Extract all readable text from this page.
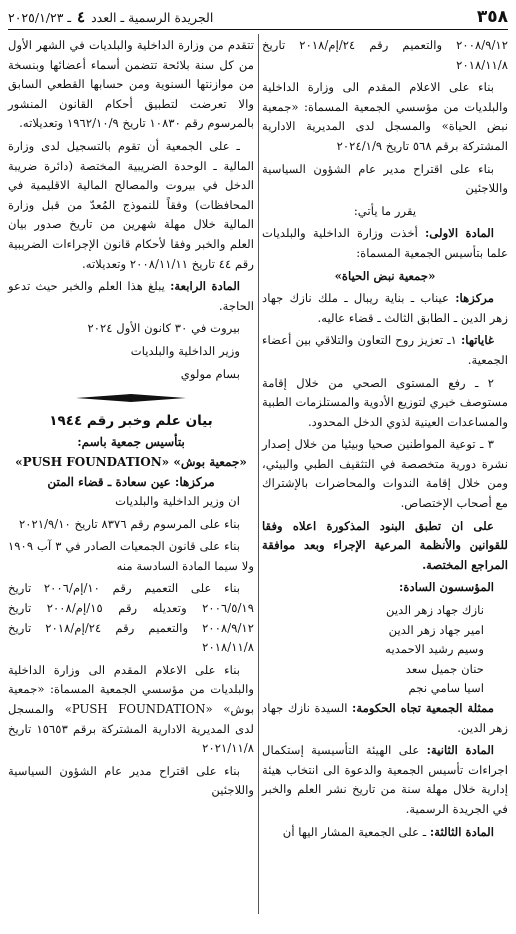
٣٥٨
الجريدة الرسمية ـ العدد ٤ ـ ٢٠٢٥/١/٢٣

٢٠٠٨/٩/١٢ والتعميم رقم ٢٤/إم/٢٠١٨ تاريخ ٢٠١٨/١١/٨

بناء على الاعلام المقدم الى وزارة الداخلية والبلديات من مؤسسي الجمعية المسماة: «جمعية نبض الحياة» والمسجل لدى المديرية الادارية المشتركة برقم ٥٦٨ تاريخ ٢٠٢٤/١/٩

بناء على اقتراح مدير عام الشؤون السياسية واللاجئين

يقرر ما يأتي:

المادة الاولى: أخذت وزارة الداخلية والبلديات علما بتأسيس الجمعية المسماة:

«جمعية نبض الحياة»

مركزها: عيناب ـ بناية ريبال ـ ملك نازك جهاد زهر الدين ـ الطابق الثالث ـ قضاء عاليه.

غاياتها: ١ـ تعزيز روح التعاون والتلاقي بين أعضاء الجمعية.

٢ ـ رفع المستوى الصحي من خلال إقامة مستوصف خيري لتوزيع الأدوية والمستلزمات الطبية والمساعدات العينية لذوي الدخل المحدود.

٣ ـ توعية المواطنين صحيا وبيئيا من خلال إصدار نشرة دورية متخصصة في التثقيف الطبي والبيئي، ومن خلال إقامة الندوات والمحاضرات بالإشتراك مع أصحاب الإختصاص.

على ان تطبق البنود المذكورة اعلاه وفقا للقوانين والأنظمة المرعية الإجراء وبعد موافقة المراجع المختصة.

المؤسسون السادة:

نازك جهاد زهر الدين
امير جهاد زهر الدين
وسيم رشيد الاحمديه
حنان جميل سعد
اسيا سامي نجم

ممثلة الجمعية تجاه الحكومة: السيدة نازك جهاد زهر الدين.

المادة الثانية: على الهيئة التأسيسية إستكمال اجراءات تأسيس الجمعية والدعوة الى انتخاب هيئة إدارية خلال مهلة سنة من تاريخ نشر العلم والخبر في الجريدة الرسمية.

المادة الثالثة: ـ على الجمعية المشار اليها أن

تتقدم من وزارة الداخلية والبلديات في الشهر الأول من كل سنة بلائحة تتضمن أسماء أعضائها وبنسخة من موازنتها السنوية ومن حسابها القطعي السابق والا تعرضت لتطبيق أحكام القانون المنشور بالمرسوم رقم ١٠٨٣٠ تاريخ ١٩٦٢/١٠/٩ وتعديلاته.

ـ على الجمعية أن تقوم بالتسجيل لدى وزارة المالية ـ الوحدة الضريبية المختصة (دائرة ضريبة الدخل في بيروت والمصالح المالية الاقليمية في المحافظات) وفقاً للنموذج المُعدّ من قبل وزارة المالية خلال مهلة شهرين من تاريخ صدور بيان العلم والخبر وفقا لأحكام قانون الإجراءات الضريبية رقم ٤٤ تاريخ ٢٠٠٨/١١/١١ وتعديلاته.

المادة الرابعة: يبلغ هذا العلم والخبر حيث تدعو الحاجة.

بيروت في ٣٠ كانون الأول ٢٠٢٤

وزير الداخلية والبلديات

بسام مولوي

بيان علم وخبر رقم ١٩٤٤
بتأسيس جمعية باسم:
«جمعية بوش» «PUSH FOUNDATION»
مركزها: عين سعادة ـ قضاء المتن

ان وزير الداخلية والبلديات

بناء على المرسوم رقم ٨٣٧٦ تاريخ ٢٠٢١/٩/١٠

بناء على قانون الجمعيات الصادر في ٣ آب ١٩٠٩ ولا سيما المادة السادسة منه

بناء على التعميم رقم ١٠/إم/٢٠٠٦ تاريخ ٢٠٠٦/٥/١٩ وتعديله رقم ١٥/إم/٢٠٠٨ تاريخ ٢٠٠٨/٩/١٢ والتعميم رقم ٢٤/إم/٢٠١٨ تاريخ ٢٠١٨/١١/٨

بناء على الاعلام المقدم الى وزارة الداخلية والبلديات من مؤسسي الجمعية المسماة: «جمعية بوش» «PUSH FOUNDATION» والمسجل لدى المديرية الادارية المشتركة برقم ١٥٦٥٣ تاريخ ٢٠٢١/١١/٨

بناء على اقتراح مدير عام الشؤون السياسية واللاجئين
